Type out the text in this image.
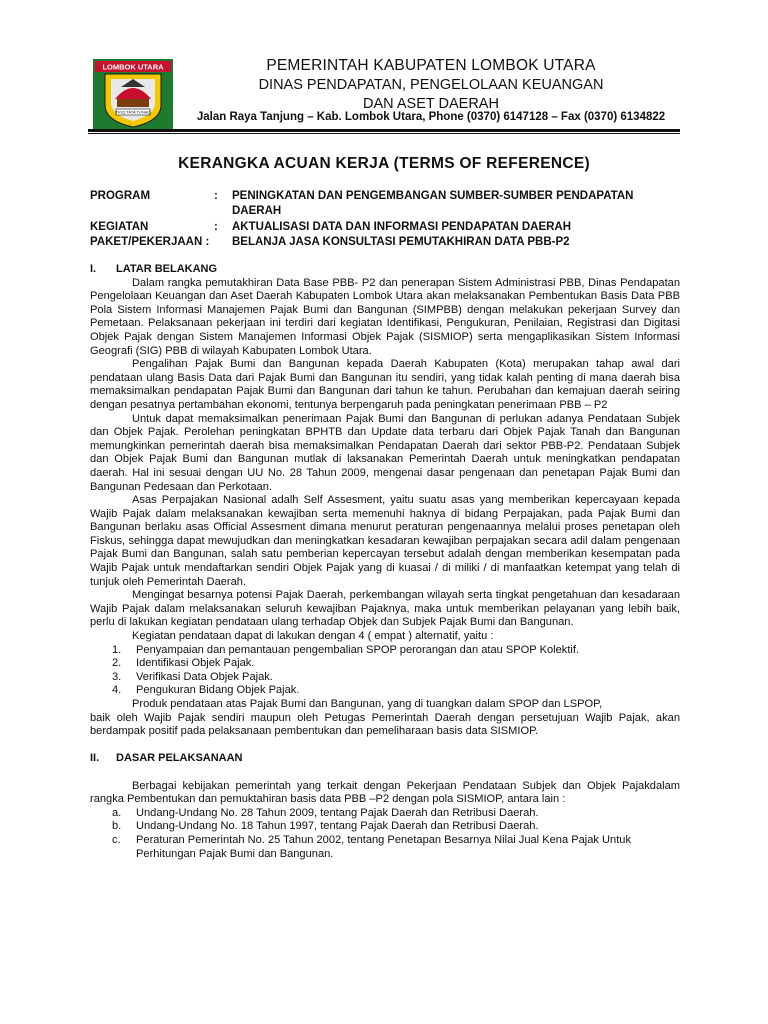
LOMBOK UTARA
TIOQ TATA TUNAQ
PEMERINTAH KABUPATEN LOMBOK UTARA
DINAS PENDAPATAN, PENGELOLAAN KEUANGAN
DAN ASET DAERAH
Jalan Raya Tanjung – Kab. Lombok Utara, Phone (0370) 6147128 – Fax (0370) 6134822
KERANGKA ACUAN KERJA (TERMS OF REFERENCE)
PROGRAM	: PENINGKATAN DAN PENGEMBANGAN SUMBER-SUMBER PENDAPATAN DAERAH
KEGIATAN	: AKTUALISASI DATA DAN INFORMASI PENDAPATAN DAERAH
PAKET/PEKERJAAN : BELANJA JASA KONSULTASI PEMUTAKHIRAN DATA PBB-P2
I. LATAR BELAKANG

Dalam rangka pemutakhiran Data Base PBB- P2 dan penerapan Sistem Administrasi PBB, Dinas Pendapatan Pengelolaan Keuangan dan Aset Daerah Kabupaten Lombok Utara akan melaksanakan Pembentukan Basis Data PBB Pola Sistem Informasi Manajemen Pajak Bumi dan Bangunan (SIMPBB) dengan melakukan pekerjaan Survey dan Pemetaan. Pelaksanaan pekerjaan ini terdiri dari kegiatan Identifikasi, Pengukuran, Penilaian, Registrasi dan Digitasi Objek Pajak dengan Sistem Manajemen Informasi Objek Pajak (SISMIOP) serta mengaplikasikan Sistem Informasi Geografi (SIG) PBB di wilayah Kabupaten Lombok Utara.

Pengalihan Pajak Bumi dan Bangunan kepada Daerah Kabupaten (Kota) merupakan tahap awal dari pendataan ulang Basis Data dari Pajak Bumi dan Bangunan itu sendiri, yang tidak kalah penting di mana daerah bisa memaksimalkan pendapatan Pajak Bumi dan Bangunan dari tahun ke tahun. Perubahan dan kemajuan daerah seiring dengan pesatnya pertambahan ekonomi, tentunya berpengaruh pada peningkatan penerimaan PBB – P2

Untuk dapat memaksimalkan penerimaan Pajak Bumi dan Bangunan di perlukan adanya Pendataan Subjek dan Objek Pajak. Perolehan peningkatan BPHTB dan Update data terbaru dari Objek Pajak Tanah dan Bangunan memungkinkan pemerintah daerah bisa memaksimalkan Pendapatan Daerah dari sektor PBB-P2. Pendataan Subjek dan Objek Pajak Bumi dan Bangunan mutlak di laksanakan Pemerintah Daerah untuk meningkatkan pendapatan daerah. Hal ini sesuai dengan UU No. 28 Tahun 2009, mengenai dasar pengenaan dan penetapan Pajak Bumi dan Bangunan Pedesaan dan Perkotaan.

Asas Perpajakan Nasional adalh Self Assesment, yaitu suatu asas yang memberikan kepercayaan kepada Wajib Pajak dalam melaksanakan kewajiban serta memenuhi haknya di bidang Perpajakan, pada Pajak Bumi dan Bangunan berlaku asas Official Assesment dimana menurut peraturan pengenaannya melalui proses penetapan oleh Fiskus, sehingga dapat mewujudkan dan meningkatkan kesadaran kewajiban perpajakan secara adil dalam pengenaan Pajak Bumi dan Bangunan, salah satu pemberian kepercayan tersebut adalah dengan memberikan kesempatan pada Wajib Pajak untuk mendaftarkan sendiri Objek Pajak yang di kuasai / di miliki / di manfaatkan ketempat yang telah di tunjuk oleh Pemerintah Daerah.

Mengingat besarnya potensi Pajak Daerah, perkembangan wilayah serta tingkat pengetahuan dan kesadaraan Wajib Pajak dalam melaksanakan seluruh kewajiban Pajaknya, maka untuk memberikan pelayanan yang lebih baik, perlu di lakukan kegiatan pendataan ulang terhadap Objek dan Subjek Pajak Bumi dan Bangunan.

Kegiatan pendataan dapat di lakukan dengan 4 ( empat ) alternatif, yaitu :

1. Penyampaian dan pemantauan pengembalian SPOP perorangan dan atau SPOP Kolektif.
2. Identifikasi Objek Pajak.
3. Verifikasi Data Objek Pajak.
4. Pengukuran Bidang Objek Pajak.

Produk pendataan atas Pajak Bumi dan Bangunan, yang di tuangkan dalam SPOP dan LSPOP,

baik oleh Wajib Pajak sendiri maupun oleh Petugas Pemerintah Daerah dengan persetujuan Wajib Pajak, akan berdampak positif pada pelaksanaan pembentukan dan pemeliharaan basis data SISMIOP.

II. DASAR PELAKSANAAN

Berbagai kebijakan pemerintah yang terkait dengan Pekerjaan Pendataan Subjek dan Objek Pajakdalam rangka Pembentukan dan pemuktahiran basis data PBB –P2 dengan pola SISMIOP, antara lain :

a. Undang-Undang No. 28 Tahun 2009, tentang Pajak Daerah dan Retribusi Daerah.
b. Undang-Undang No. 18 Tahun 1997, tentang Pajak Daerah dan Retribusi Daerah.
c. Peraturan Pemerintah No. 25 Tahun 2002, tentang Penetapan Besarnya Nilai Jual Kena Pajak Untuk Perhitungan Pajak Bumi dan Bangunan.
